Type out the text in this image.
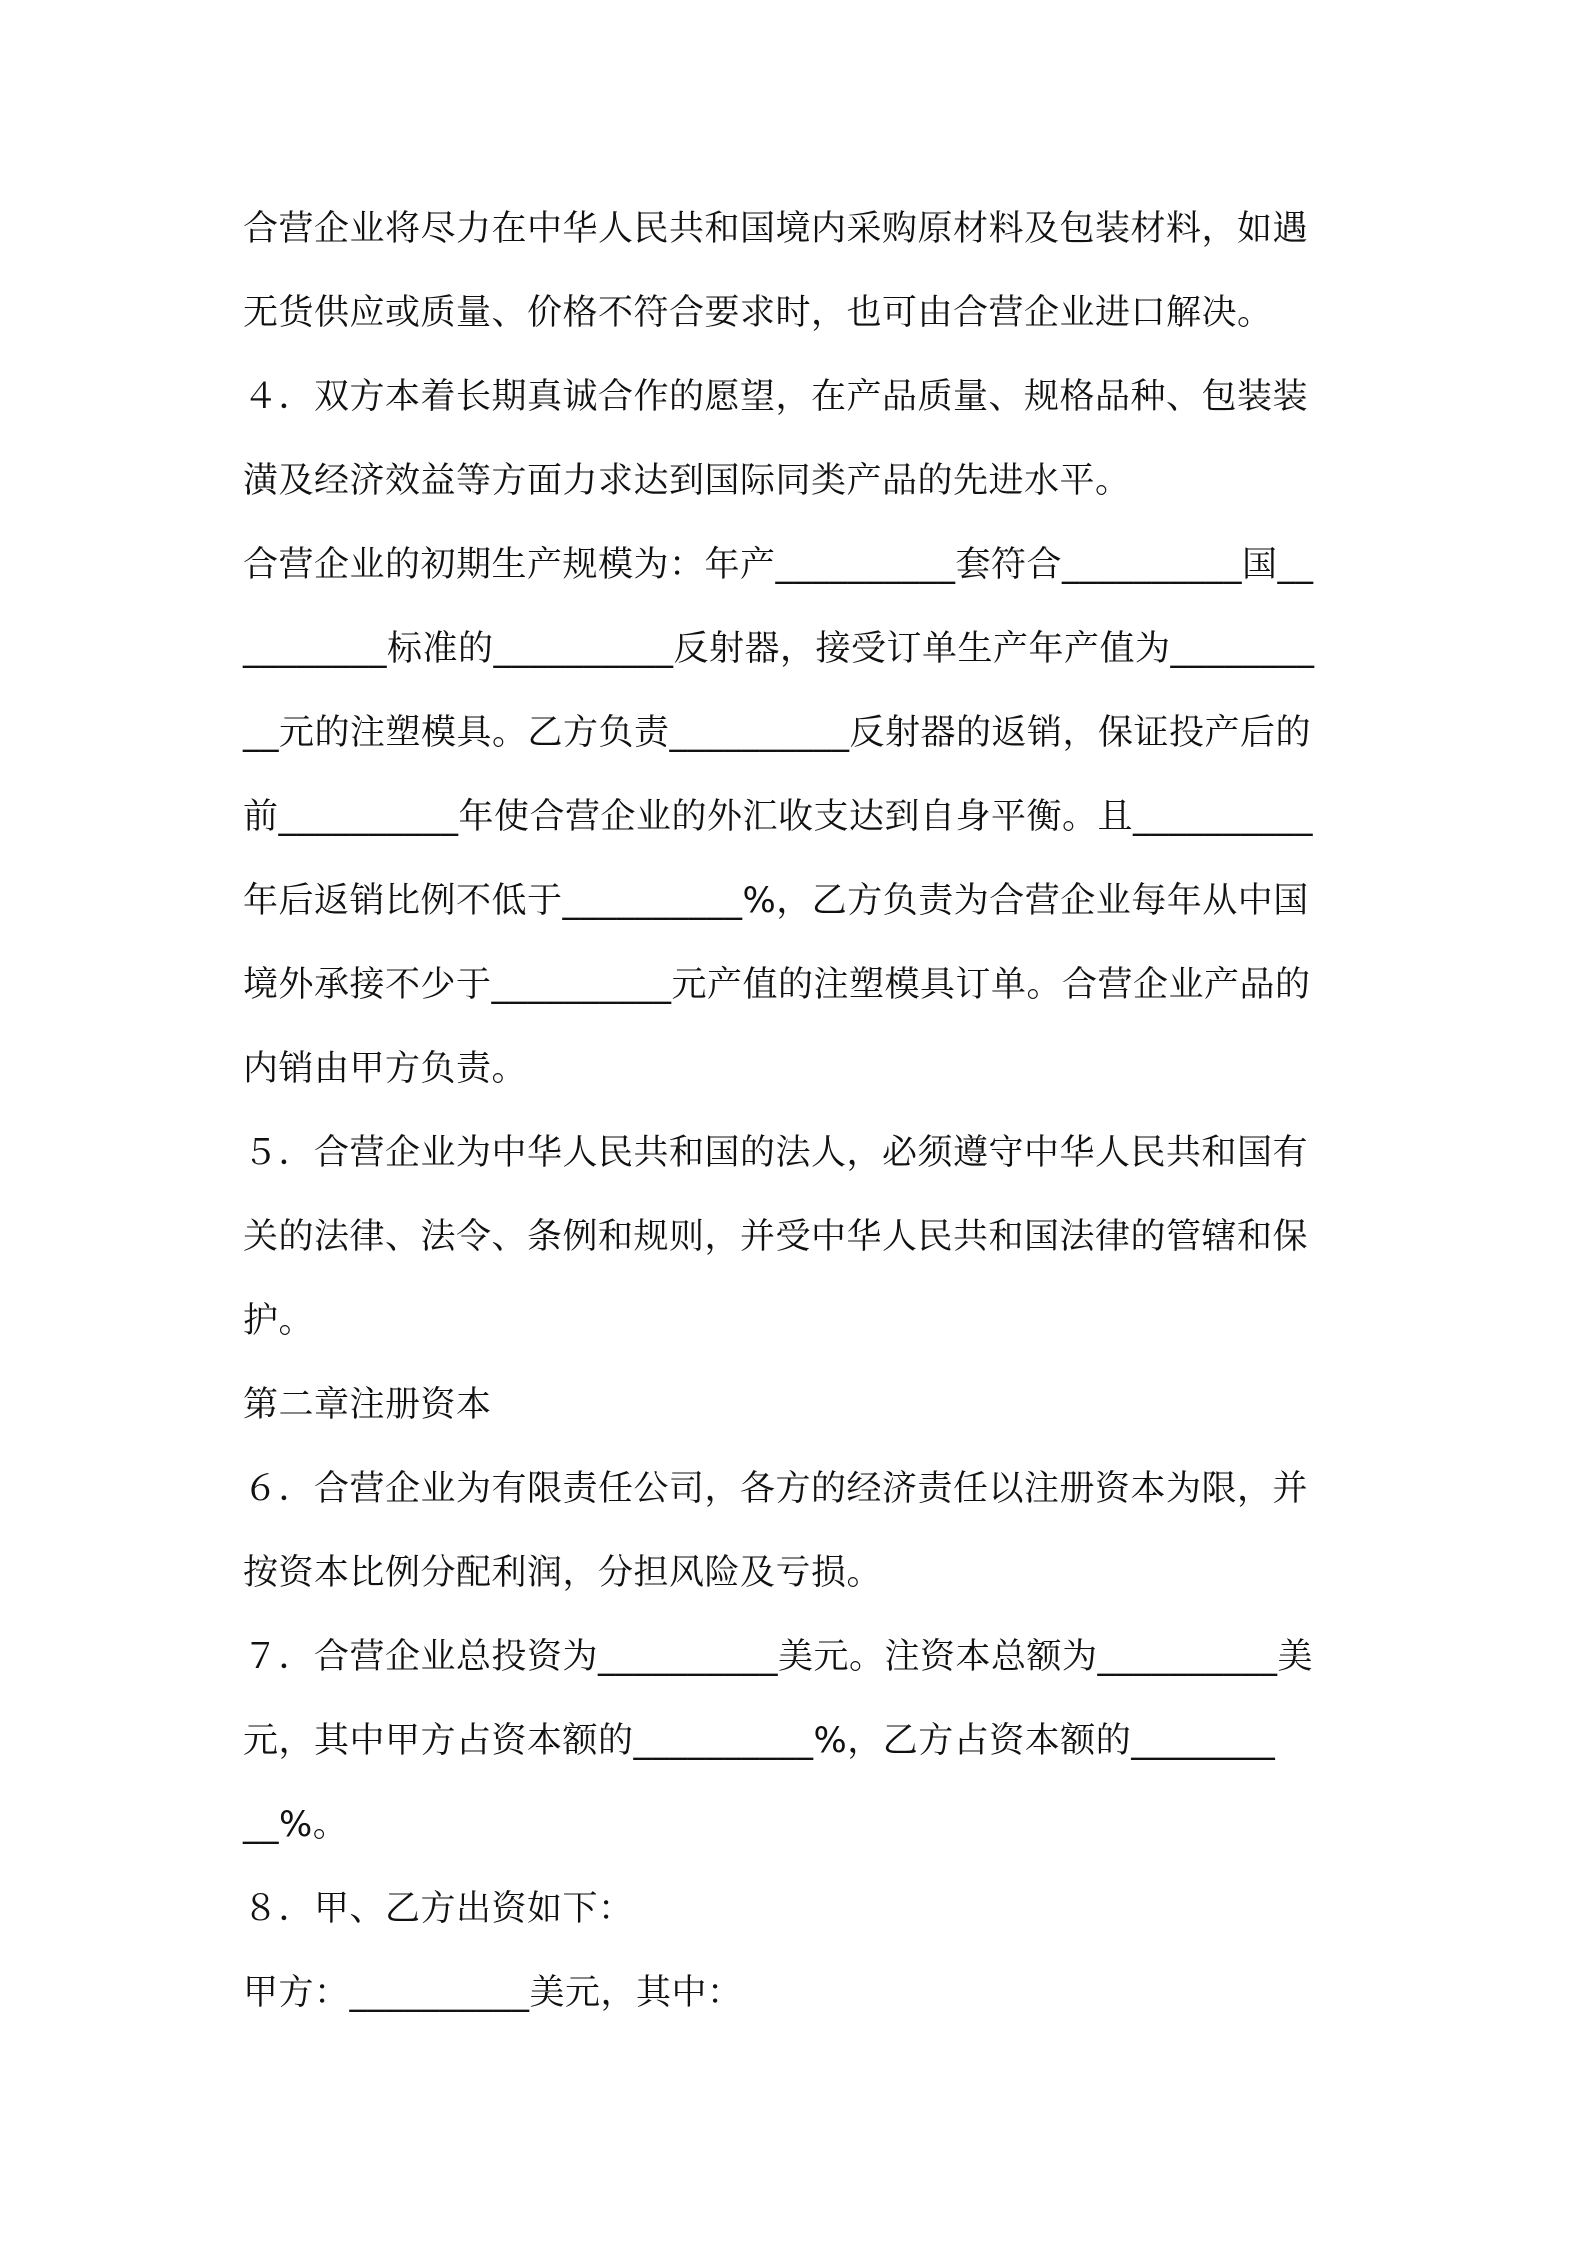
合营企业将尽力在中华人民共和国境内采购原材料及包装材料，如遇
无货供应或质量、价格不符合要求时，也可由合营企业进口解决。
４．双方本着长期真诚合作的愿望，在产品质量、规格品种、包装装
潢及经济效益等方面力求达到国际同类产品的先进水平。
合营企业的初期生产规模为：年产__________套符合__________国__
________标准的__________反射器，接受订单生产年产值为________
__元的注塑模具。乙方负责__________反射器的返销，保证投产后的
前__________年使合营企业的外汇收支达到自身平衡。且__________
年后返销比例不低于__________%，乙方负责为合营企业每年从中国
境外承接不少于__________元产值的注塑模具订单。合营企业产品的
内销由甲方负责。
５．合营企业为中华人民共和国的法人，必须遵守中华人民共和国有
关的法律、法令、条例和规则，并受中华人民共和国法律的管辖和保
护。
第二章注册资本
６．合营企业为有限责任公司，各方的经济责任以注册资本为限，并
按资本比例分配利润，分担风险及亏损。
７．合营企业总投资为__________美元。注资本总额为__________美
元，其中甲方占资本额的__________%，乙方占资本额的________
__%。
８．甲、乙方出资如下：
甲方：__________美元，其中：
